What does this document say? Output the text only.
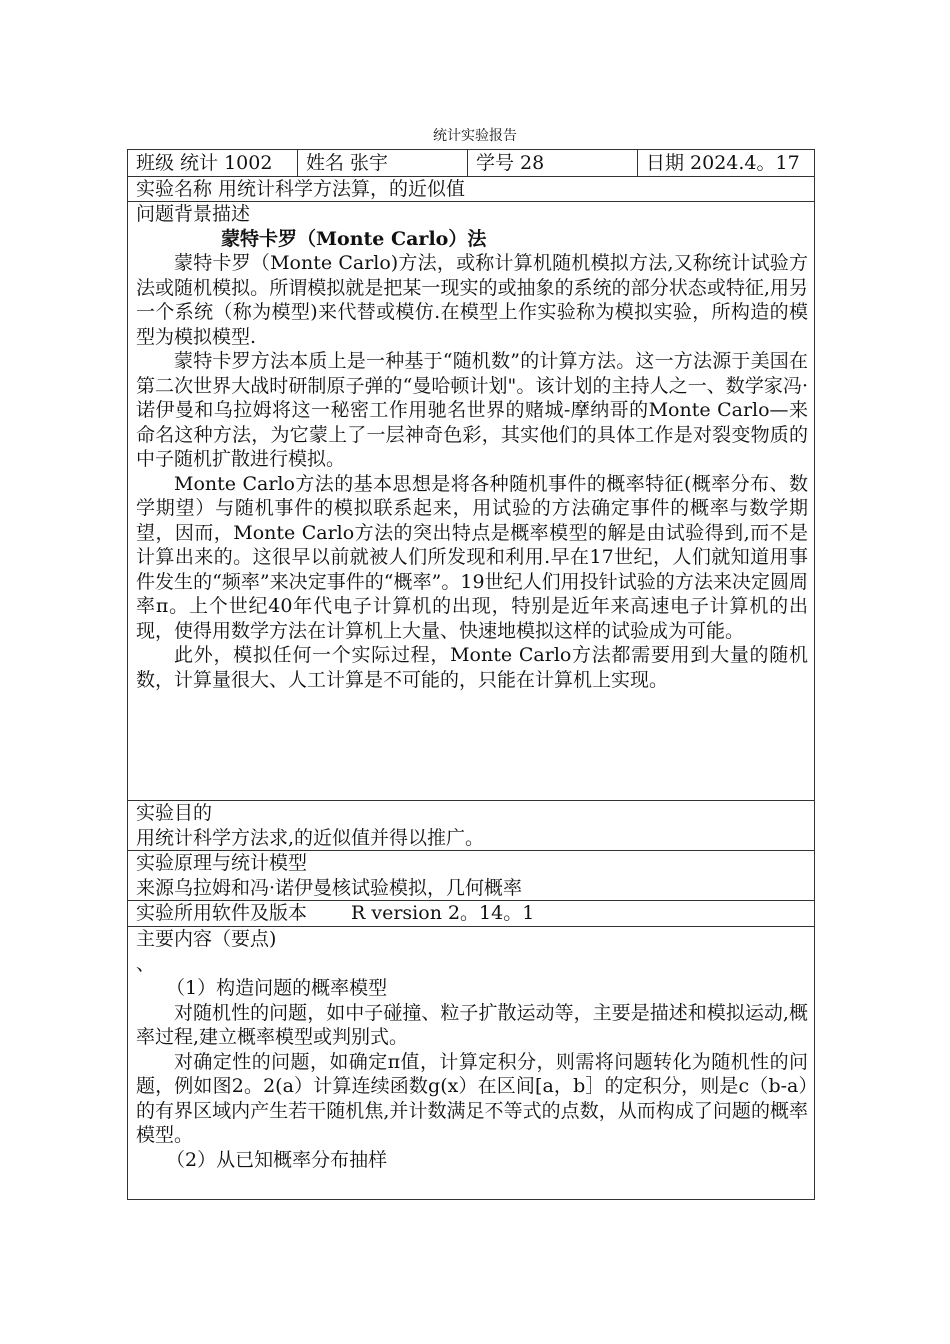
统计实验报告
班级 统计 1002	姓名 张宇	学号 28	日期 2024.4。17
实验名称 用统计科学方法算，的近似值

问题背景描述

蒙特卡罗（Monte Carlo）法

蒙特卡罗（Monte Carlo)方法，或称计算机随机模拟方法,又称统计试验方法或随机模拟。所谓模拟就是把某一现实的或抽象的系统的部分状态或特征,用另一个系统（称为模型)来代替或模仿.在模型上作实验称为模拟实验，所构造的模型为模拟模型.

蒙特卡罗方法本质上是一种基于“随机数”的计算方法。这一方法源于美国在第二次世界大战时研制原子弹的“曼哈顿计划"。该计划的主持人之一、数学家冯·诺伊曼和乌拉姆将这一秘密工作用驰名世界的赌城-摩纳哥的Monte Carlo—来命名这种方法，为它蒙上了一层神奇色彩，其实他们的具体工作是对裂变物质的中子随机扩散进行模拟。

Monte Carlo方法的基本思想是将各种随机事件的概率特征(概率分布、数学期望）与随机事件的模拟联系起来，用试验的方法确定事件的概率与数学期望，因而，Monte Carlo方法的突出特点是概率模型的解是由试验得到,而不是计算出来的。这很早以前就被人们所发现和利用.早在17世纪，人们就知道用事件发生的“频率”来决定事件的“概率”。19世纪人们用投针试验的方法来决定圆周率π。上个世纪40年代电子计算机的出现，特别是近年来高速电子计算机的出现，使得用数学方法在计算机上大量、快速地模拟这样的试验成为可能。

此外，模拟任何一个实际过程，Monte Carlo方法都需要用到大量的随机数，计算量很大、人工计算是不可能的，只能在计算机上实现。

实验目的

用统计科学方法求,的近似值并得以推广。

实验原理与统计模型

来源乌拉姆和冯·诺伊曼核试验模拟，几何概率

实验所用软件及版本 R version 2。14。1

主要内容（要点)

、

（1）构造问题的概率模型

对随机性的问题，如中子碰撞、粒子扩散运动等，主要是描述和模拟运动,概率过程,建立概率模型或判别式。

对确定性的问题，如确定π值，计算定积分，则需将问题转化为随机性的问题，例如图2。2(a）计算连续函数g(x）在区间[a，b］的定积分，则是c（b-a）的有界区域内产生若干随机焦,并计数满足不等式的点数，从而构成了问题的概率模型。

（2）从已知概率分布抽样
